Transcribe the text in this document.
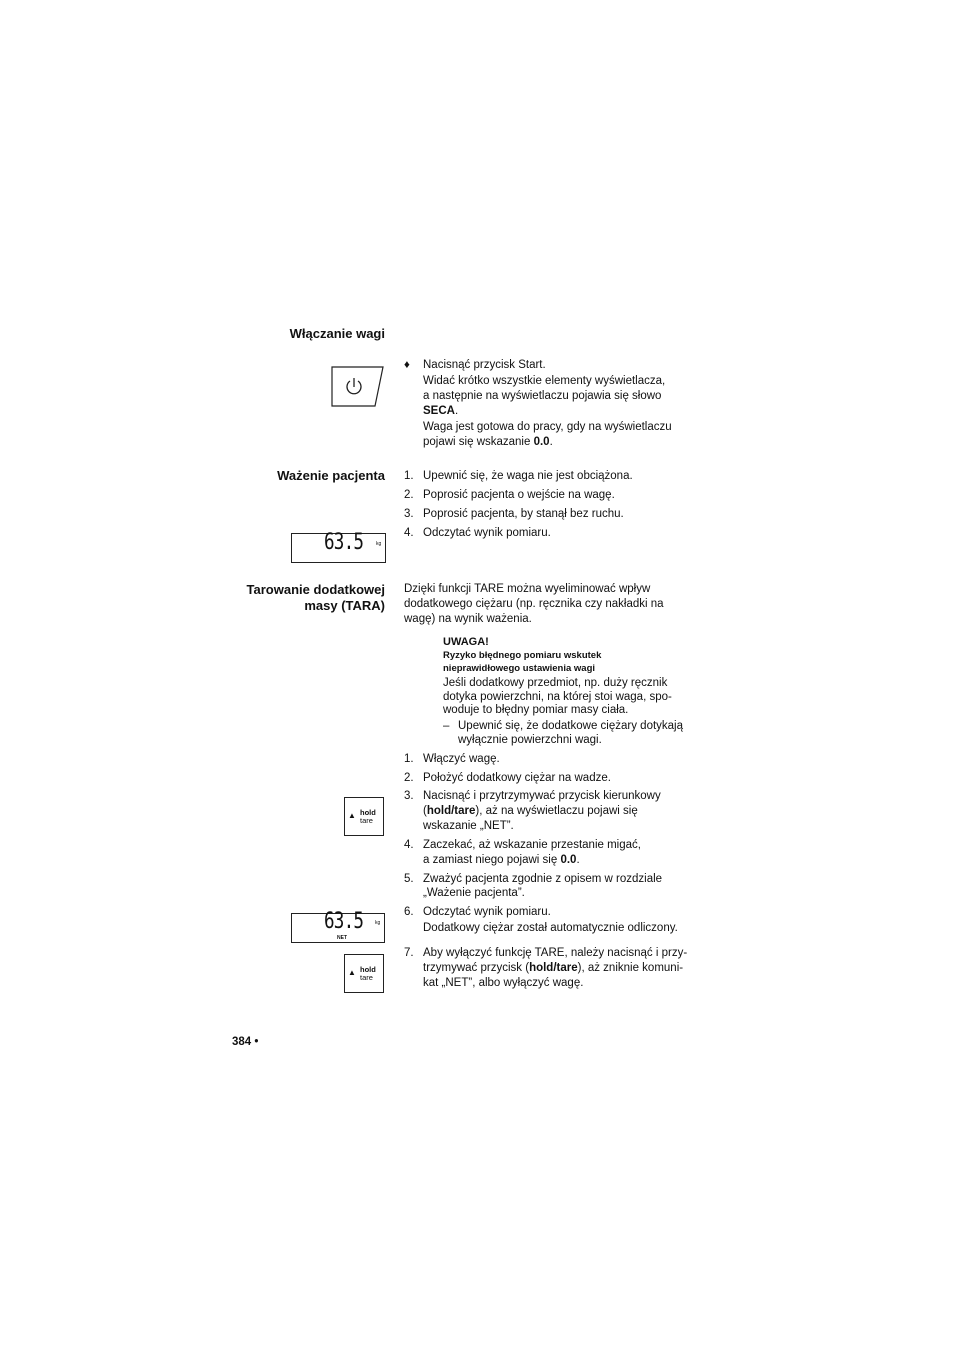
Włączanie wagi
♦ Nacisnąć przycisk Start.
Widać krótko wszystkie elementy wyświetlacza,
a następnie na wyświetlaczu pojawia się słowo
SECA.
Waga jest gotowa do pracy, gdy na wyświetlaczu
pojawi się wskazanie 0.0.
Ważenie pacjenta 1. Upewnić się, że waga nie jest obciążona.
2. Poprosić pacjenta o wejście na wagę.
3. Poprosić pacjenta, by stanął bez ruchu.
4. Odczytać wynik pomiaru.
63.5	kg
Tarowanie dodatkowej
masy (TARA)
Dzięki funkcji TARE można wyeliminować wpływ
dodatkowego ciężaru (np. ręcznika czy nakładki na
wagę) na wynik ważenia.
UWAGA!
Ryzyko błędnego pomiaru wskutek
nieprawidłowego ustawienia wagi
Jeśli dodatkowy przedmiot, np. duży ręcznik
dotyka powierzchni, na której stoi waga, spo-
woduje to błędny pomiar masy ciała.
– Upewnić się, że dodatkowe ciężary dotykają
wyłącznie powierzchni wagi.
1. Włączyć wagę.
2. Położyć dodatkowy ciężar na wadze.
3. Nacisnąć i przytrzymywać przycisk kierunkowy
(hold/tare), aż na wyświetlaczu pojawi się
wskazanie „NET”.
4. Zaczekać, aż wskazanie przestanie migać,
a zamiast niego pojawi się 0.0.
5. Zważyć pacjenta zgodnie z opisem w rozdziale
„Ważenie pacjenta”.
6. Odczytać wynik pomiaru.
Dodatkowy ciężar został automatycznie odliczony.
7. Aby wyłączyć funkcję TARE, należy nacisnąć i przy-
trzymywać przycisk (hold/tare), aż zniknie komuni-
kat „NET”, albo wyłączyć wagę.
▲ hold
tare
63.5 kg
NET
▲ hold
tare
384 •
